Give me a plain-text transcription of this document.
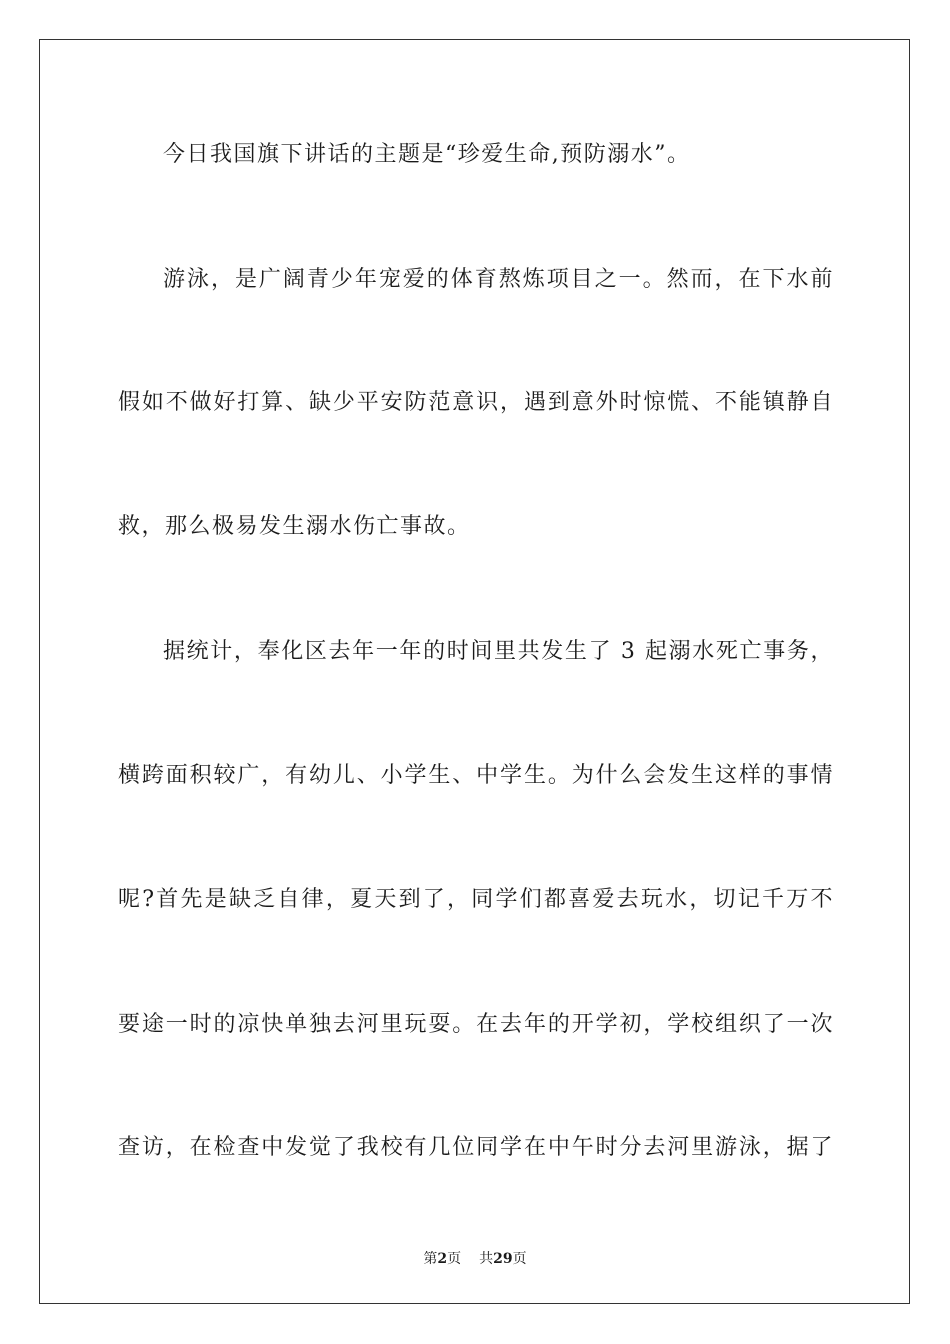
今日我国旗下讲话的主题是“珍爱生命,预防溺水”。
游泳，是广阔青少年宠爱的体育熬炼项目之一。然而，在下水前
假如不做好打算、缺少平安防范意识，遇到意外时惊慌、不能镇静自
救，那么极易发生溺水伤亡事故。
据统计，奉化区去年一年的时间里共发生了 3 起溺水死亡事务，
横跨面积较广，有幼儿、小学生、中学生。为什么会发生这样的事情
呢?首先是缺乏自律，夏天到了，同学们都喜爱去玩水，切记千万不
要途一时的凉快单独去河里玩耍。在去年的开学初，学校组织了一次
查访，在检查中发觉了我校有几位同学在中午时分去河里游泳，据了
第2页 共29页
